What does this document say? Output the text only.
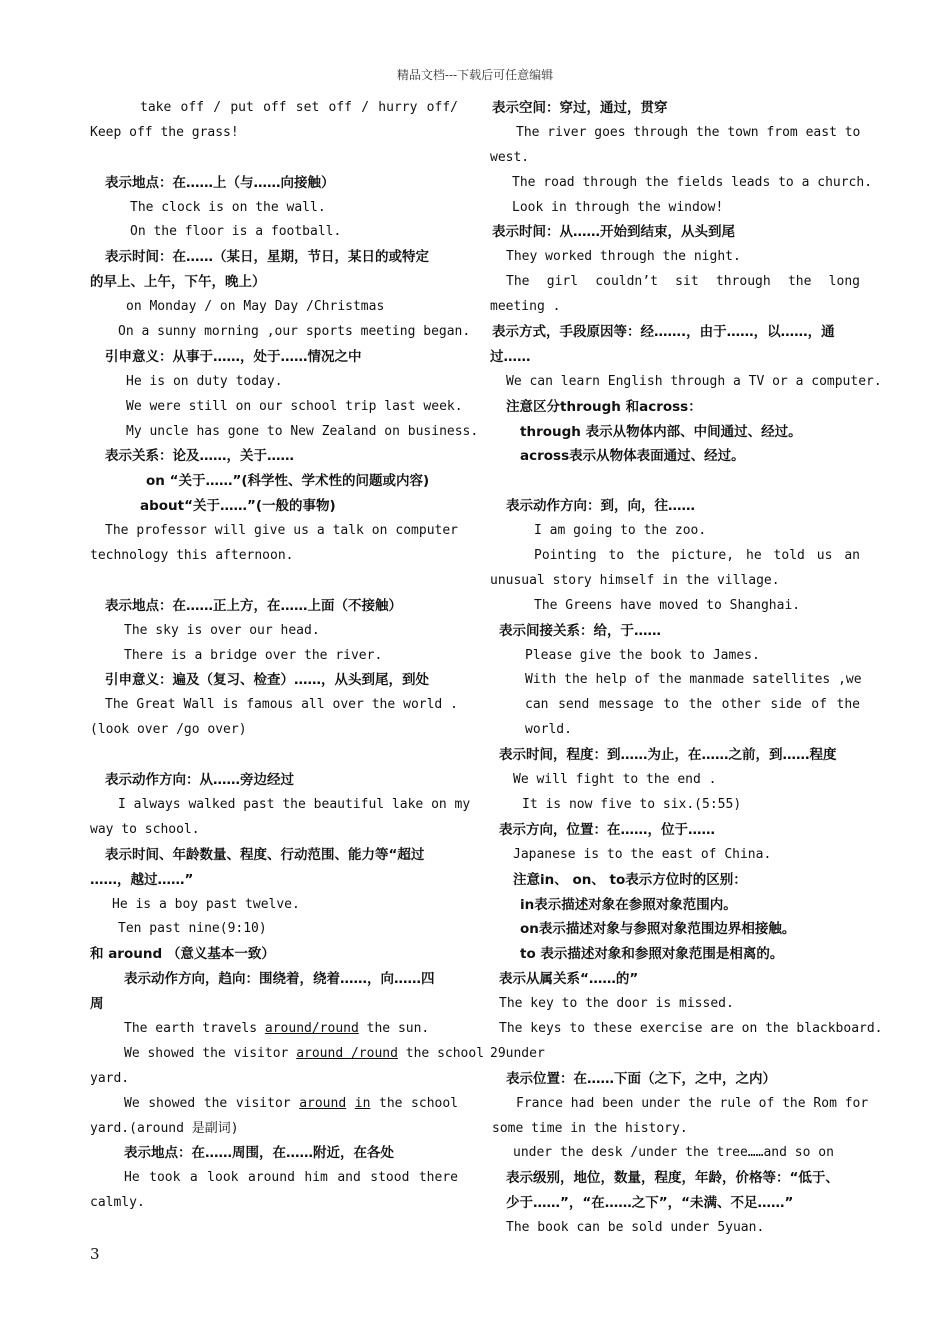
精品文档---下载后可任意编辑
take off / put off set off / hurry off/
Keep off the grass!
表示地点：在……上（与……向接触）
The clock is on the wall.
On the floor is a football.
表示时间：在……（某日，星期，节日，某日的或特定
的早上、上午，下午，晚上）
on Monday / on May Day /Christmas
On a sunny morning ,our sports meeting began.
引申意义：从事于……，处于……情况之中
He is on duty today.
We were still on our school trip last week.
My uncle has gone to New Zealand on business.
表示关系：论及……，关于……
on “关于……”(科学性、学术性的问题或内容)
about“关于……”(一般的事物)
The professor will give us a talk on computer
technology this afternoon.
表示地点：在……正上方，在……上面（不接触）
The sky is over our head.
There is a bridge over the river.
引申意义：遍及（复习、检查）……，从头到尾，到处
The Great Wall is famous all over the world .
(look over /go over)
表示动作方向：从……旁边经过
I always walked past the beautiful lake on my
way to school.
表示时间、年龄数量、程度、行动范围、能力等“超过
……，越过……”
He is a boy past twelve.
Ten past nine(9:10)
和 around （意义基本一致）
表示动作方向，趋向：围绕着，绕着……，向……四
周
The earth travels around/round the sun.
We showed the visitor around /round the school
yard.
We showed the visitor around in the school
yard.(around 是副词)
表示地点：在……周围，在……附近，在各处
He took a look around him and stood there
calmly.
表示空间：穿过，通过，贯穿
The river goes through the town from east to
west.
The road through the fields leads to a church.
Look in through the window!
表示时间：从……开始到结束，从头到尾
They worked through the night.
The girl couldn’t sit through the long
meeting .
表示方式，手段原因等：经…….，由于……，以……，通
过……
We can learn English through a TV or a computer.
注意区分through 和across：
through 表示从物体内部、中间通过、经过。
across表示从物体表面通过、经过。
表示动作方向：到，向，往……
I am going to the zoo.
Pointing to the picture, he told us an
unusual story himself in the village.
The Greens have moved to Shanghai.
表示间接关系：给，于……
Please give the book to James.
With the help of the manmade satellites ,we
can send message to the other side of the
world.
表示时间，程度：到……为止，在……之前，到……程度
We will fight to the end .
It is now five to six.(5:55)
表示方向，位置：在……，位于……
Japanese is to the east of China.
注意in、 on、 to表示方位时的区别：
in表示描述对象在参照对象范围内。
on表示描述对象与参照对象范围边界相接触。
to 表示描述对象和参照对象范围是相离的。
表示从属关系“……的”
The key to the door is missed.
The keys to these exercise are on the blackboard.
29under
表示位置：在……下面（之下，之中，之内）
France had been under the rule of the Rom for
some time in the history.
under the desk /under the tree……and so on
表示级别，地位，数量，程度，年龄，价格等：“低于、
少于……”，“在……之下”，“未满、不足……”
The book can be sold under 5yuan.
3
